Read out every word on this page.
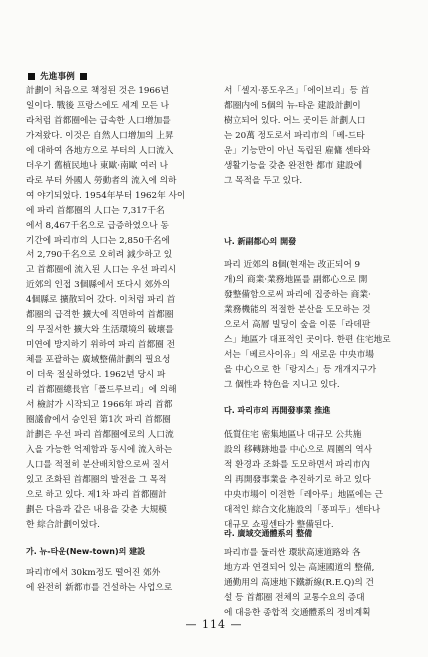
先進事例
計劃이 처음으로 책정된 것은 1966년
일이다. 戰後 프랑스에도 세계 모든 나
라처럼 首都圈에는 급속한 人口增加를
가져왔다. 이것은 自然人口增加의 上昇
에 대하여 各地方으로 부터의 人口流入
더우기 舊植民地나 東歐·南歐 여러 나
라로 부터 外國人 勞動者의 流入에 의하
여 야기되었다. 1954年부터 1962年 사이
에 파리 首都圈의 人口는 7,317千名
에서 8,467千名으로 급증하였으나 동
기간에 파리市의 人口는 2,850千名에
서 2,790千名으로 오히려 減少하고 있
고 首都圈에 流入된 人口는 우선 파리시
近郊의 인접 3個縣에서 또다시 郊外의
4個縣로 擴散되어 갔다. 이처럼 파리 首
都圈의 급격한 擴大에 직면하여 首都圈
의 무질서한 擴大와 生活環境의 破壞를
미연에 방지하기 위하여 파리 首都圈 전
체를 포괄하는 廣域整備計劃의 필요성
이 더욱 절실하였다. 1962년 당시 파
리 首都圈總長官「폴드루브리」에 의해
서 檢討가 시작되고 1966年 파리 首都
圈議會에서 승인된 第1次 파리 首都圈
計劃은 우선 파리 首都圈에로의 人口流
入을 가능한 억제함과 동시에 流入하는
人口를 적절히 분산배치함으로써 질서
있고 조화된 首都圈의 발전을 그 목적
으로 하고 있다. 제1차 파리 首都圈計
劃은 다음과 같은 내용을 갖춘 大規模
한 綜合計劃이었다.
가. 뉴-타운(New-town)의 建設
파리市에서 30km정도 떨어진 郊外
에 완전히 新都市를 건설하는 사업으로
서「셀지·퐁도우즈」「에이브리」등 首
都圈内에 5個의 뉴-타운 建設計劃이
樹立되어 있다. 어느 곳이든 計劃人口
는 20萬 정도로서 파리市의「베-드타
운」기능만이 아닌 독립된 雇傭 센타와
생활기능을 갖춘 완전한 都市 建設에
그 목적을 두고 있다.
나. 新副都心의 開發
파리 近郊의 8個(현재는 改正되어 9
개)의 商業·業務地區를 副都心으로 開
發整備함으로써 파리에 집중하는 商業·
業務機能의 적절한 분산을 도모하는 것
으로서 高層 빌딩이 숲을 이룬「라데판
스」地區가 대표적인 곳이다. 한편 住宅地로
서는「베르사이유」의 새로운 中央市場
을 中心으로 한「랑지스」등 개개지구가
그 個性과 特色을 지니고 있다.
다. 파리市의 再開發事業 推進
低質住宅 密集地區나 대규모 公共施
設의 移轉跡地를 中心으로 周圍의 역사
적 환경과 조화를 도모하면서 파리市內
의 再開發事業을 추진하기로 하고 있다
中央市場이 이전한「레아루」地區에는 근
대적인 綜合文化施設의「퐁피두」센타나
대규모 쇼핑센타가 整備된다.
라. 廣域交通體系의 整備
파리市를 둘러싼 環狀高速道路와 各
地方과 연결되어 있는 高速國道의 整備,
通勤用의 高速地下鐵新線(R.E.Q)의 건
설 등 首都圈 전체의 교통수요의 증대
에 대응한 종합적 交通體系의 정비계획
— 114 —
